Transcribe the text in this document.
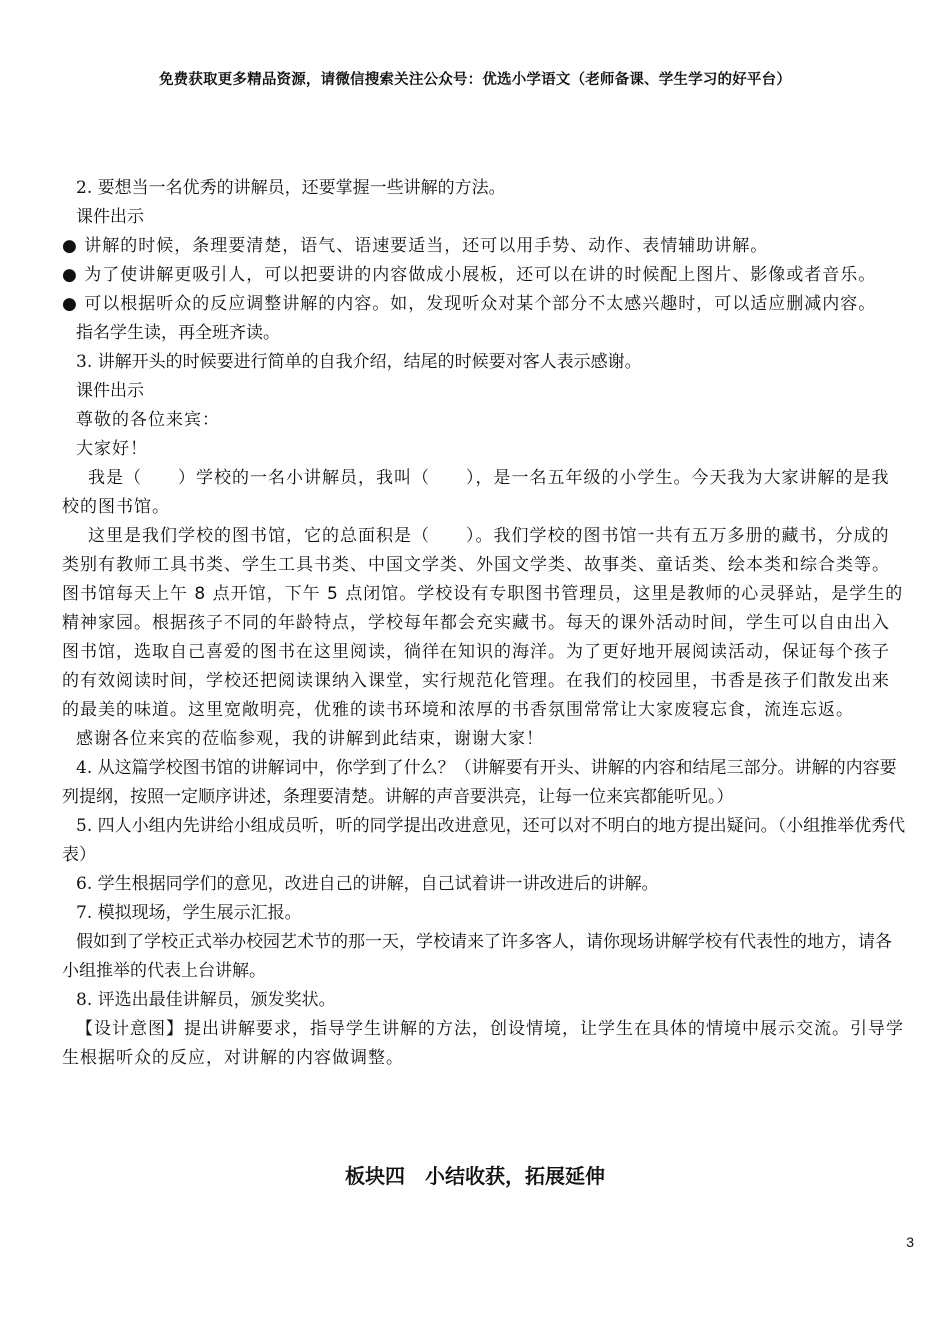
免费获取更多精品资源，请微信搜索关注公众号：优选小学语文（老师备课、学生学习的好平台）

2. 要想当一名优秀的讲解员，还要掌握一些讲解的方法。

课件出示

● 讲解的时候，条理要清楚，语气、语速要适当，还可以用手势、动作、表情辅助讲解。

● 为了使讲解更吸引人，可以把要讲的内容做成小展板，还可以在讲的时候配上图片、影像或者音乐。

● 可以根据听众的反应调整讲解的内容。如，发现听众对某个部分不太感兴趣时，可以适应删减内容。

指名学生读，再全班齐读。

3. 讲解开头的时候要进行简单的自我介绍，结尾的时候要对客人表示感谢。

课件出示

尊敬的各位来宾：

大家好！

我是（　　）学校的一名小讲解员，我叫（　　），是一名五年级的小学生。今天我为大家讲解的是我校的图书馆。

这里是我们学校的图书馆，它的总面积是（　　）。我们学校的图书馆一共有五万多册的藏书，分成的类别有教师工具书类、学生工具书类、中国文学类、外国文学类、故事类、童话类、绘本类和综合类等。图书馆每天上午 8 点开馆，下午 5 点闭馆。学校设有专职图书管理员，这里是教师的心灵驿站，是学生的精神家园。根据孩子不同的年龄特点，学校每年都会充实藏书。每天的课外活动时间，学生可以自由出入图书馆，选取自己喜爱的图书在这里阅读，徜徉在知识的海洋。为了更好地开展阅读活动，保证每个孩子的有效阅读时间，学校还把阅读课纳入课堂，实行规范化管理。在我们的校园里，书香是孩子们散发出来的最美的味道。这里宽敞明亮，优雅的读书环境和浓厚的书香氛围常常让大家废寝忘食，流连忘返。

感谢各位来宾的莅临参观，我的讲解到此结束，谢谢大家！

4. 从这篇学校图书馆的讲解词中，你学到了什么？（讲解要有开头、讲解的内容和结尾三部分。讲解的内容要列提纲，按照一定顺序讲述，条理要清楚。讲解的声音要洪亮，让每一位来宾都能听见。）

5. 四人小组内先讲给小组成员听，听的同学提出改进意见，还可以对不明白的地方提出疑问。（小组推举优秀代表）

6. 学生根据同学们的意见，改进自己的讲解，自己试着讲一讲改进后的讲解。

7. 模拟现场，学生展示汇报。

假如到了学校正式举办校园艺术节的那一天，学校请来了许多客人，请你现场讲解学校有代表性的地方，请各小组推举的代表上台讲解。

8. 评选出最佳讲解员，颁发奖状。

【设计意图】提出讲解要求，指导学生讲解的方法，创设情境，让学生在具体的情境中展示交流。引导学生根据听众的反应，对讲解的内容做调整。

板块四　小结收获，拓展延伸
3
